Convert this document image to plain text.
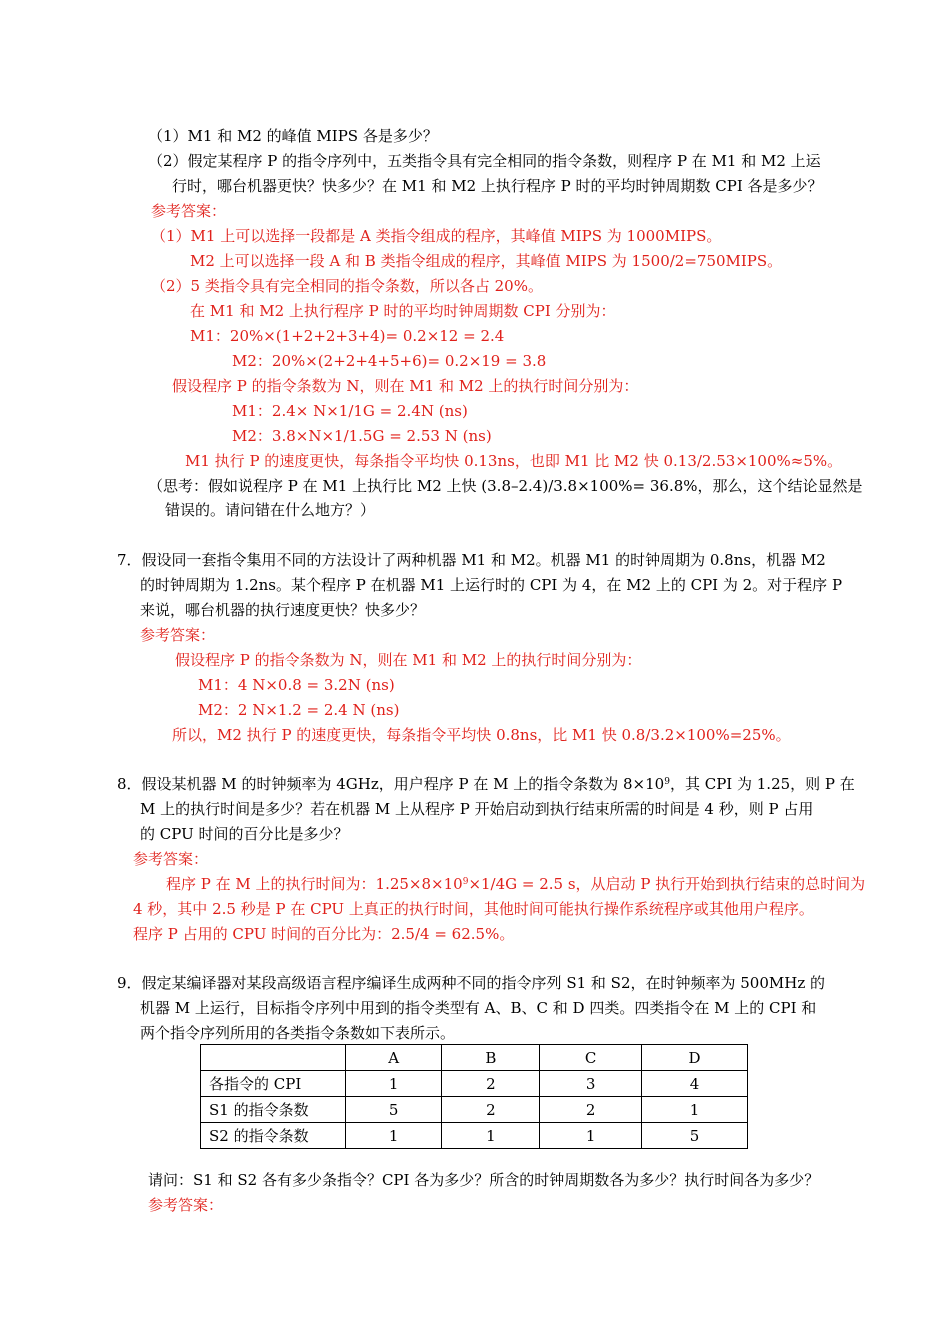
（1）M1 和 M2 的峰值 MIPS 各是多少？
（2）假定某程序 P 的指令序列中，五类指令具有完全相同的指令条数，则程序 P 在 M1 和 M2 上运
行时，哪台机器更快？快多少？在 M1 和 M2 上执行程序 P 时的平均时钟周期数 CPI 各是多少？
参考答案：
（1）M1 上可以选择一段都是 A 类指令组成的程序，其峰值 MIPS 为 1000MIPS。
M2 上可以选择一段 A 和 B 类指令组成的程序，其峰值 MIPS 为 1500/2=750MIPS。
（2）5 类指令具有完全相同的指令条数，所以各占 20%。
在 M1 和 M2 上执行程序 P 时的平均时钟周期数 CPI 分别为：
M1：20%×(1+2+2+3+4)= 0.2×12 = 2.4
M2：20%×(2+2+4+5+6)= 0.2×19 = 3.8
假设程序 P 的指令条数为 N，则在 M1 和 M2 上的执行时间分别为：
M1：2.4× N×1/1G = 2.4N (ns)
M2：3.8×N×1/1.5G = 2.53 N (ns)
M1 执行 P 的速度更快，每条指令平均快 0.13ns，也即 M1 比 M2 快 0.13/2.53×100%≈5%。
（思考：假如说程序 P 在 M1 上执行比 M2 上快 (3.8–2.4)/3.8×100%= 36.8%，那么，这个结论显然是
错误的。请问错在什么地方？）
7．假设同一套指令集用不同的方法设计了两种机器 M1 和 M2。机器 M1 的时钟周期为 0.8ns，机器 M2
的时钟周期为 1.2ns。某个程序 P 在机器 M1 上运行时的 CPI 为 4，在 M2 上的 CPI 为 2。对于程序 P
来说，哪台机器的执行速度更快？快多少？
参考答案：
假设程序 P 的指令条数为 N，则在 M1 和 M2 上的执行时间分别为：
M1：4 N×0.8 = 3.2N (ns)
M2：2 N×1.2 = 2.4 N (ns)
所以，M2 执行 P 的速度更快，每条指令平均快 0.8ns，比 M1 快 0.8/3.2×100%=25%。
8．假设某机器 M 的时钟频率为 4GHz，用户程序 P 在 M 上的指令条数为 $8\times 10^9$，其 CPI 为 1.25，则 P 在
M 上的执行时间是多少？若在机器 M 上从程序 P 开始启动到执行结束所需的时间是 4 秒，则 P 占用
的 CPU 时间的百分比是多少？
参考答案：
程序 P 在 M 上的执行时间为：$1.25\times 8\times 10^9\times 1/4G = 2.5$ s，从启动 P 执行开始到执行结束的总时间为
4 秒，其中 2.5 秒是 P 在 CPU 上真正的执行时间，其他时间可能执行操作系统程序或其他用户程序。
程序 P 占用的 CPU 时间的百分比为：2.5/4 = 62.5%。
9．假定某编译器对某段高级语言程序编译生成两种不同的指令序列 S1 和 S2，在时钟频率为 500MHz 的
机器 M 上运行，目标指令序列中用到的指令类型有 A、B、C 和 D 四类。四类指令在 M 上的 CPI 和
两个指令序列所用的各类指令条数如下表所示。
	A	B	C	D
各指令的 CPI	1	2	3	4
S1 的指令条数	5	2	2	1
S2 的指令条数	1	1	1	5
请问：S1 和 S2 各有多少条指令？CPI 各为多少？所含的时钟周期数各为多少？执行时间各为多少？
参考答案：
